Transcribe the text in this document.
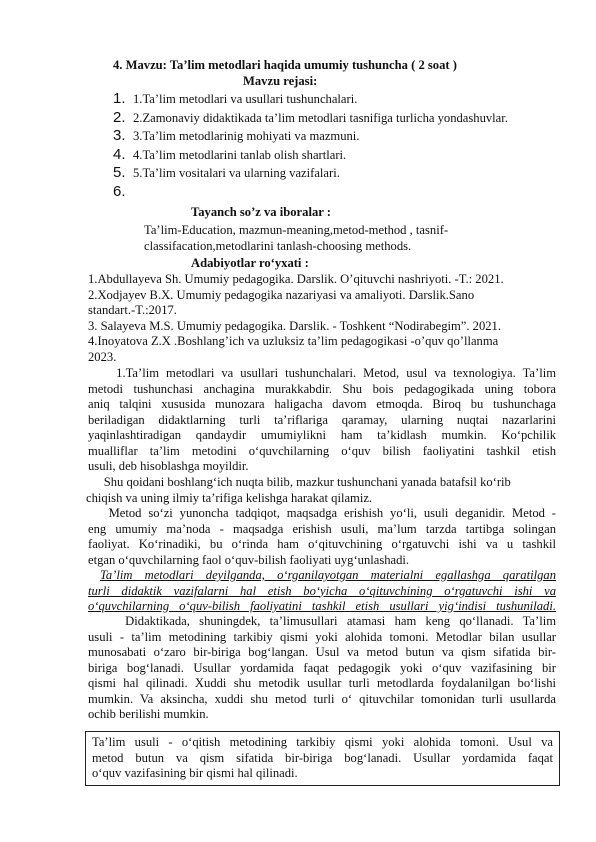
4. Mavzu: Ta’lim metodlari haqida umumiy tushuncha ( 2 soat )
Mavzu rejasi:
1. 1.Ta’lim metodlari va usullari tushunchalari.
2. 2.Zamonaviy didaktikada ta’lim metodlari tasnifiga turlicha yondashuvlar.
3. 3.Ta’lim metodlarinig mohiyati va mazmuni.
4. 4.Ta’lim metodlarini tanlab olish shartlari.
5. 5.Ta’lim vositalari va ularning vazifalari.
6.
Tayanch so’z va iboralar :
Ta’lim-Education, mazmun-meaning,metod-method , tasnif-
classifacation,metodlarini tanlash-choosing methods.
Adabiyotlar ro‘yxati :
1.Abdullayeva Sh. Umumiy pedagogika. Darslik. O’qituvchi nashriyoti. -T.: 2021.
2.Xodjayev B.X. Umumiy pedagogika nazariyasi va amaliyoti. Darslik.Sano
standart.-T.:2017.
3. Salayeva M.S. Umumiy pedagogika. Darslik. - Toshkent “Nodirabegim”. 2021.
4.Inoyatova Z.X .Boshlang’ich va uzluksiz ta’lim pedagogikasi -o’quv qo’llanma
2023.
1.Ta’lim metodlari va usullari tushunchalari. Metod, usul va texnologiya. Ta’lim
metodi tushunchasi anchagina murakkabdir. Shu bois pedagogikada uning tobora
aniq talqini xususida munozara haligacha davom etmoqda. Biroq bu tushunchaga
beriladigan didaktlarning turli ta’riflariga qaramay, ularning nuqtai nazarlarini
yaqinlashtiradigan qandaydir umumiylikni ham ta’kidlash mumkin. Ko‘pchilik
mualliflar ta’lim metodini o‘quvchilarning o‘quv bilish faoliyatini tashkil etish
usuli, deb hisoblashga moyildir.
Shu qoidani boshlang‘ich nuqta bilib, mazkur tushunchani yanada batafsil ko‘rib
chiqish va uning ilmiy ta’rifiga kelishga harakat qilamiz.
Metod so‘zi yunoncha tadqiqot, maqsadga erishish yo‘li, usuli deganidir. Metod -
eng umumiy ma’noda - maqsadga erishish usuli, ma’lum tarzda tartibga solingan
faoliyat. Ko‘rinadiki, bu o‘rinda ham o‘qituvchining o‘rgatuvchi ishi va u tashkil
etgan o‘quvchilarning faol o‘quv-bilish faoliyati uyg‘unlashadi.
Ta’lim metodlari deyilganda, o‘rganilayotgan materialni egallashga qaratilgan
turli didaktik vazifalarni hal etish bo‘yicha o‘qituvchining o‘rgatuvchi ishi va
o‘quvchilarning o‘quv-bilish faoliyatini tashkil etish usullari yig‘indisi tushuniladi.
Didaktikada, shuningdek, ta’limusullari atamasi ham keng qo‘llanadi. Ta’lim
usuli - ta’lim metodining tarkibiy qismi yoki alohida tomoni. Metodlar bilan usullar
munosabati o‘zaro bir-biriga bog‘langan. Usul va metod butun va qism sifatida bir-
biriga bog‘lanadi. Usullar yordamida faqat pedagogik yoki o‘quv vazifasining bir
qismi hal qilinadi. Xuddi shu metodik usullar turli metodlarda foydalanilgan bo‘lishi
mumkin. Va aksincha, xuddi shu metod turli o‘ qituvchilar tomonidan turli usullarda
ochib berilishi mumkin.
Ta’lim usuli - o‘qitish metodining tarkibiy qismi yoki alohida tomoni. Usul va
metod butun va qism sifatida bir-biriga bog‘lanadi. Usullar yordamida faqat
o‘quv vazifasining bir qismi hal qilinadi.
